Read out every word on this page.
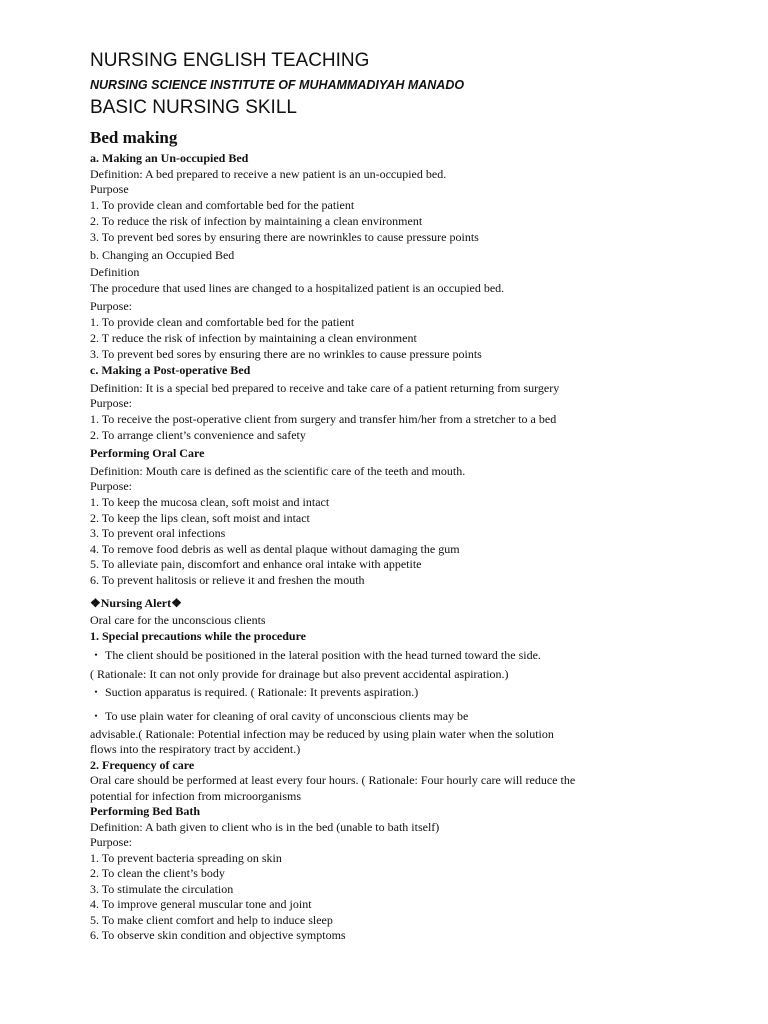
NURSING ENGLISH TEACHING
NURSING SCIENCE INSTITUTE OF MUHAMMADIYAH MANADO
BASIC NURSING SKILL
Bed making
a. Making an Un-occupied Bed
Definition: A bed prepared to receive a new patient is an un-occupied bed.
Purpose
1. To provide clean and comfortable bed for the patient
2. To reduce the risk of infection by maintaining a clean environment
3. To prevent bed sores by ensuring there are nowrinkles to cause pressure points
b. Changing an Occupied Bed
Definition
The procedure that used lines are changed to a hospitalized patient is an occupied bed.
Purpose:
1. To provide clean and comfortable bed for the patient
2. T reduce the risk of infection by maintaining a clean environment
3. To prevent bed sores by ensuring there are no wrinkles to cause pressure points
c. Making a Post-operative Bed
Definition: It is a special bed prepared to receive and take care of a patient returning from surgery
Purpose:
1. To receive the post-operative client from surgery and transfer him/her from a stretcher to a bed
2. To arrange client’s convenience and safety
Performing Oral Care
Definition: Mouth care is defined as the scientific care of the teeth and mouth.
Purpose:
1. To keep the mucosa clean, soft moist and intact
2. To keep the lips clean, soft moist and intact
3. To prevent oral infections
4. To remove food debris as well as dental plaque without damaging the gum
5. To alleviate pain, discomfort and enhance oral intake with appetite
6. To prevent halitosis or relieve it and freshen the mouth
❖Nursing Alert❖
Oral care for the unconscious clients
1. Special precautions while the procedure
・ The client should be positioned in the lateral position with the head turned toward the side.
( Rationale: It can not only provide for drainage but also prevent accidental aspiration.)
・ Suction apparatus is required. ( Rationale: It prevents aspiration.)
・ To use plain water for cleaning of oral cavity of unconscious clients may be
advisable.( Rationale: Potential infection may be reduced by using plain water when the solution
flows into the respiratory tract by accident.)
2. Frequency of care
Oral care should be performed at least every four hours. ( Rationale: Four hourly care will reduce the
potential for infection from microorganisms
Performing Bed Bath
Definition: A bath given to client who is in the bed (unable to bath itself)
Purpose:
1. To prevent bacteria spreading on skin
2. To clean the client’s body
3. To stimulate the circulation
4. To improve general muscular tone and joint
5. To make client comfort and help to induce sleep
6. To observe skin condition and objective symptoms
